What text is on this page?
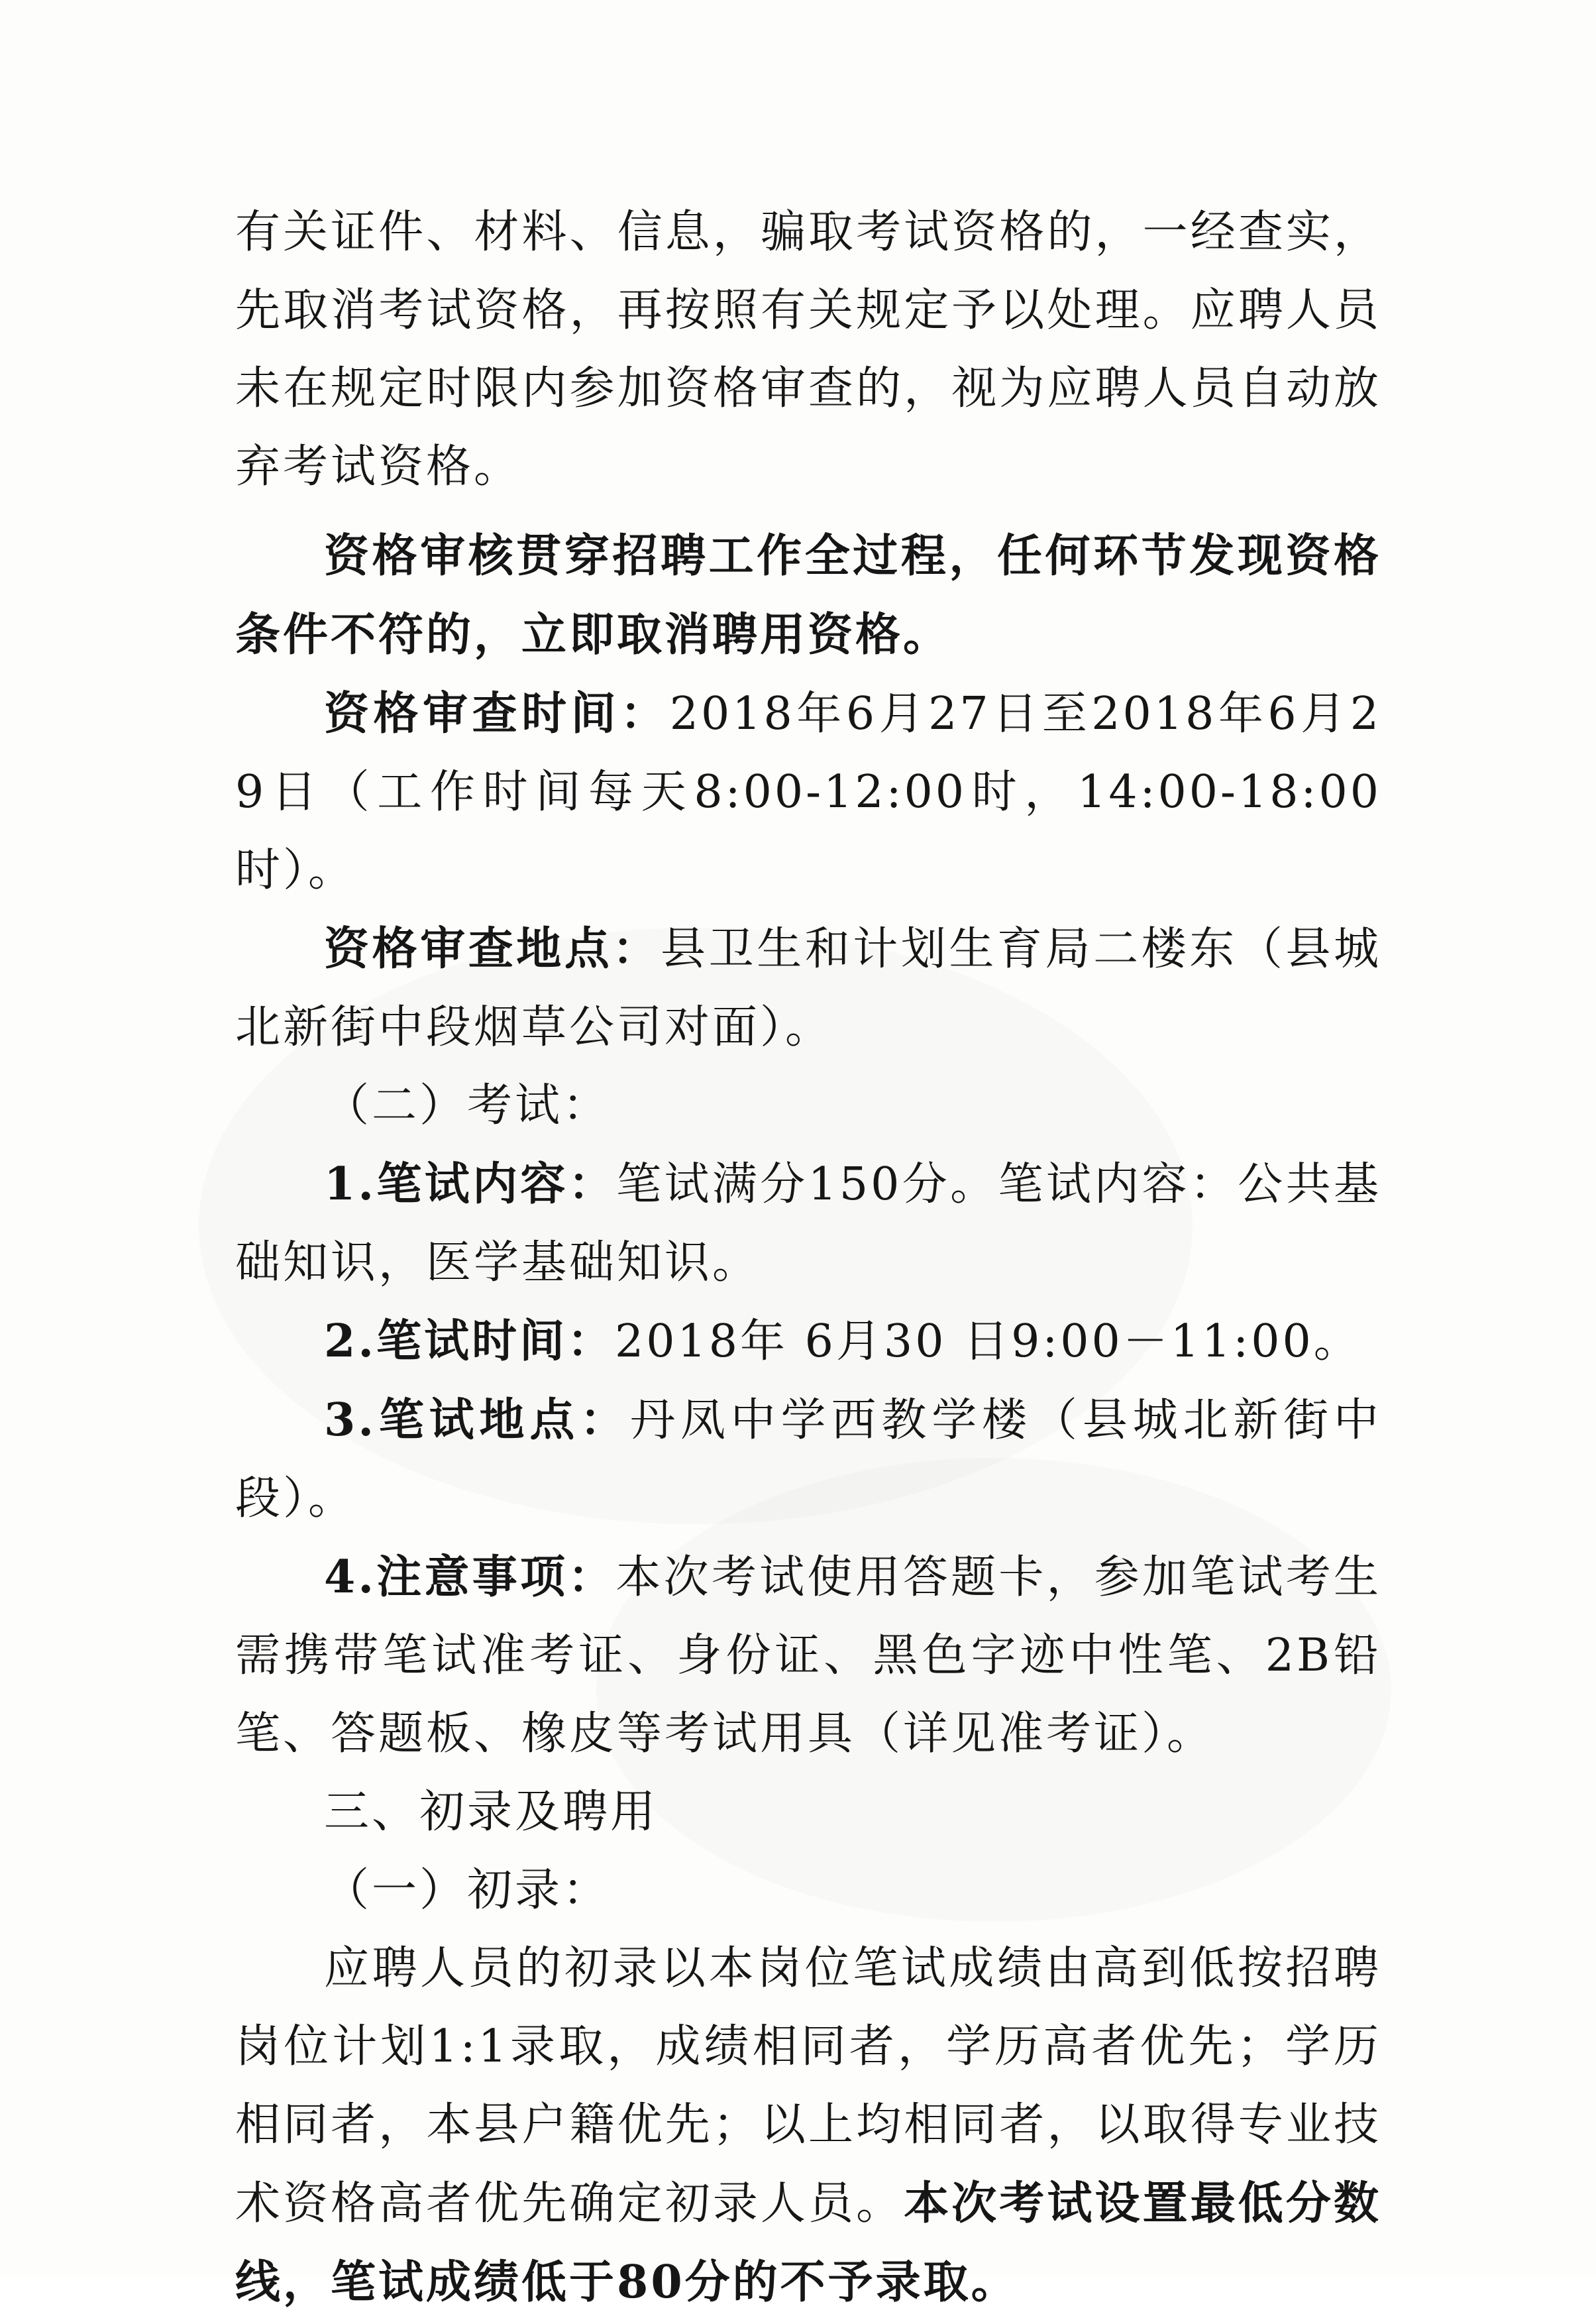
有关证件、材料、信息，骗取考试资格的，一经查实，先取消考试资格，再按照有关规定予以处理。应聘人员未在规定时限内参加资格审查的，视为应聘人员自动放弃考试资格。

资格审核贯穿招聘工作全过程，任何环节发现资格条件不符的，立即取消聘用资格。

资格审查时间：2018年6月27日至2018年6月29日（工作时间每天8:00-12:00时，14:00-18:00时）。

资格审查地点：县卫生和计划生育局二楼东（县城北新街中段烟草公司对面）。

（二）考试：

1.笔试内容：笔试满分150分。笔试内容：公共基础知识，医学基础知识。

2.笔试时间：2018年 6月30 日9:00－11:00。

3.笔试地点：丹凤中学西教学楼（县城北新街中段）。

4.注意事项：本次考试使用答题卡，参加笔试考生需携带笔试准考证、身份证、黑色字迹中性笔、2B铅笔、答题板、橡皮等考试用具（详见准考证）。

三、初录及聘用

（一）初录：

应聘人员的初录以本岗位笔试成绩由高到低按招聘岗位计划1:1录取，成绩相同者，学历高者优先；学历相同者，本县户籍优先；以上均相同者，以取得专业技术资格高者优先确定初录人员。本次考试设置最低分数线，笔试成绩低于80分的不予录取。
